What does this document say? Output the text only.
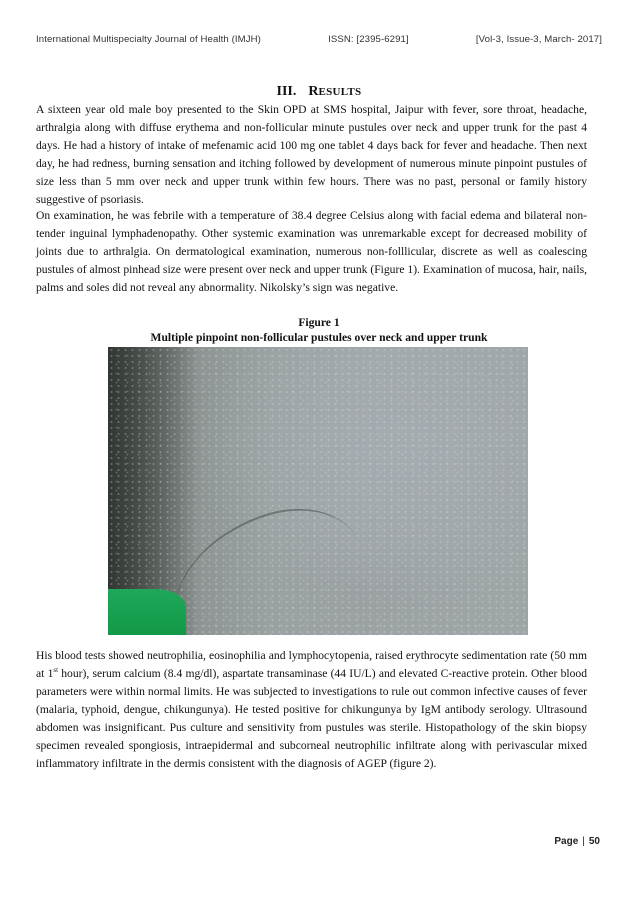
International Multispecialty Journal of Health (IMJH)	ISSN: [2395-6291]	[Vol-3, Issue-3, March- 2017]
III. RESULTS

A sixteen year old male boy presented to the Skin OPD at SMS hospital, Jaipur with fever, sore throat, headache, arthralgia along with diffuse erythema and non-follicular minute pustules over neck and upper trunk for the past 4 days. He had a history of intake of mefenamic acid 100 mg one tablet 4 days back for fever and headache. Then next day, he had redness, burning sensation and itching followed by development of numerous minute pinpoint pustules of size less than 5 mm over neck and upper trunk within few hours. There was no past, personal or family history suggestive of psoriasis.

On examination, he was febrile with a temperature of 38.4 degree Celsius along with facial edema and bilateral non-tender inguinal lymphadenopathy. Other systemic examination was unremarkable except for decreased mobility of joints due to arthralgia. On dermatological examination, numerous non-folllicular, discrete as well as coalescing pustules of almost pinhead size were present over neck and upper trunk (Figure 1). Examination of mucosa, hair, nails, palms and soles did not reveal any abnormality. Nikolsky’s sign was negative.

Figure 1
Multiple pinpoint non-follicular pustules over neck and upper trunk

His blood tests showed neutrophilia, eosinophilia and lymphocytopenia, raised erythrocyte sedimentation rate (50 mm at 1st hour), serum calcium (8.4 mg/dl), aspartate transaminase (44 IU/L) and elevated C-reactive protein. Other blood parameters were within normal limits. He was subjected to investigations to rule out common infective causes of fever (malaria, typhoid, dengue, chikungunya). He tested positive for chikungunya by IgM antibody serology. Ultrasound abdomen was insignificant. Pus culture and sensitivity from pustules was sterile. Histopathology of the skin biopsy specimen revealed spongiosis, intraepidermal and subcorneal neutrophilic infiltrate along with perivascular mixed inflammatory infiltrate in the dermis consistent with the diagnosis of AGEP (figure 2).

Page | 50
